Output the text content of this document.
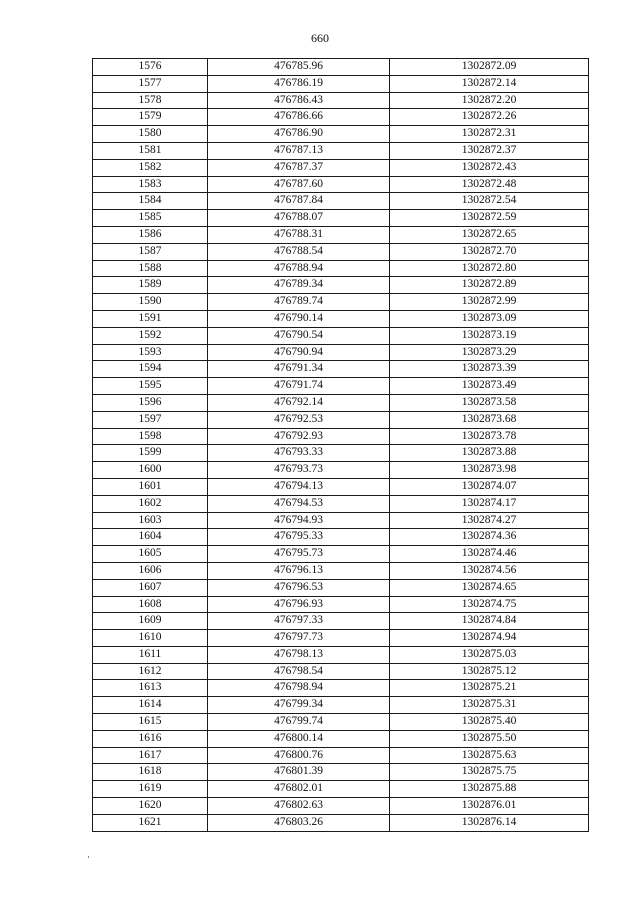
660
1576	476785.96	1302872.09
1577	476786.19	1302872.14
1578	476786.43	1302872.20
1579	476786.66	1302872.26
1580	476786.90	1302872.31
1581	476787.13	1302872.37
1582	476787.37	1302872.43
1583	476787.60	1302872.48
1584	476787.84	1302872.54
1585	476788.07	1302872.59
1586	476788.31	1302872.65
1587	476788.54	1302872.70
1588	476788.94	1302872.80
1589	476789.34	1302872.89
1590	476789.74	1302872.99
1591	476790.14	1302873.09
1592	476790.54	1302873.19
1593	476790.94	1302873.29
1594	476791.34	1302873.39
1595	476791.74	1302873.49
1596	476792.14	1302873.58
1597	476792.53	1302873.68
1598	476792.93	1302873.78
1599	476793.33	1302873.88
1600	476793.73	1302873.98
1601	476794.13	1302874.07
1602	476794.53	1302874.17
1603	476794.93	1302874.27
1604	476795.33	1302874.36
1605	476795.73	1302874.46
1606	476796.13	1302874.56
1607	476796.53	1302874.65
1608	476796.93	1302874.75
1609	476797.33	1302874.84
1610	476797.73	1302874.94
1611	476798.13	1302875.03
1612	476798.54	1302875.12
1613	476798.94	1302875.21
1614	476799.34	1302875.31
1615	476799.74	1302875.40
1616	476800.14	1302875.50
1617	476800.76	1302875.63
1618	476801.39	1302875.75
1619	476802.01	1302875.88
1620	476802.63	1302876.01
1621	476803.26	1302876.14
